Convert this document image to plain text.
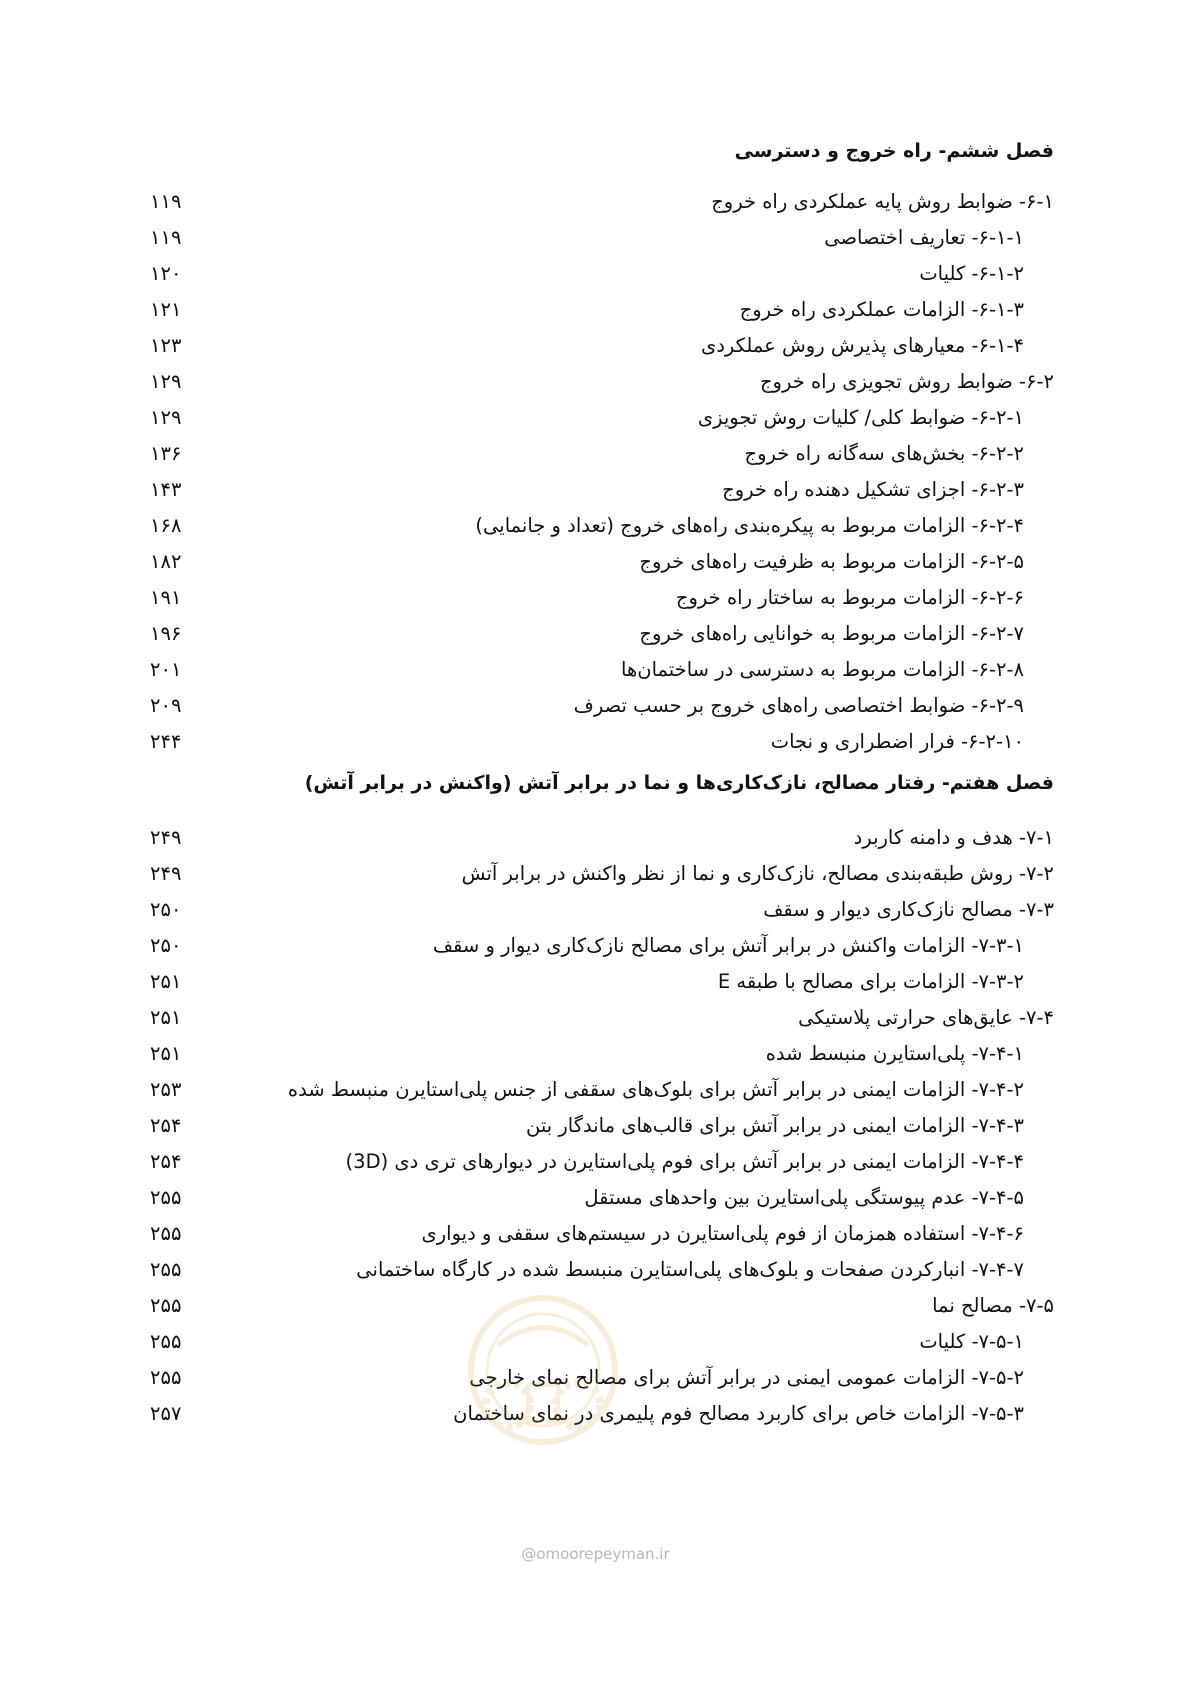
فصل ششم- راه خروج و دسترسی
۶-۱- ضوابط روش پایه عملکردی راه خروج
۱۱۹
۶-۱-۱- تعاریف اختصاصی
۱۱۹
۶-۱-۲- کلیات
۱۲۰
۶-۱-۳- الزامات عملکردی راه خروج
۱۲۱
۶-۱-۴- معیارهای پذیرش روش عملکردی
۱۲۳
۶-۲- ضوابط روش تجویزی راه خروج
۱۲۹
۶-۲-۱- ضوابط کلی/ کلیات روش تجویزی
۱۲۹
۶-۲-۲- بخش‌های سه‌گانه راه خروج
۱۳۶
۶-۲-۳- اجزای تشکیل دهنده راه خروج
۱۴۳
۶-۲-۴- الزامات مربوط به پیکره‌بندی راه‌های خروج (تعداد و جانمایی)
۱۶۸
۶-۲-۵- الزامات مربوط به ظرفیت راه‌های خروج
۱۸۲
۶-۲-۶- الزامات مربوط به ساختار راه خروج
۱۹۱
۶-۲-۷- الزامات مربوط به خوانایی راه‌های خروج
۱۹۶
۶-۲-۸- الزامات مربوط به دسترسی در ساختمان‌ها
۲۰۱
۶-۲-۹- ضوابط اختصاصی راه‌های خروج بر حسب تصرف
۲۰۹
۶-۲-۱۰- فرار اضطراری و نجات
۲۴۴
فصل هفتم- رفتار مصالح، نازک‌کاری‌ها و نما در برابر آتش (واکنش در برابر آتش)
۷-۱- هدف و دامنه کاربرد
۲۴۹
۷-۲- روش طبقه‌بندی مصالح، نازک‌کاری و نما از نظر واکنش در برابر آتش
۲۴۹
۷-۳- مصالح نازک‌کاری دیوار و سقف
۲۵۰
۷-۳-۱- الزامات واکنش در برابر آتش برای مصالح نازک‌کاری دیوار و سقف
۲۵۰
۷-۳-۲- الزامات برای مصالح با طبقه E
۲۵۱
۷-۴- عایق‌های حرارتی پلاستیکی
۲۵۱
۷-۴-۱- پلی‌استایرن منبسط شده
۲۵۱
۷-۴-۲- الزامات ایمنی در برابر آتش برای بلوک‌های سقفی از جنس پلی‌استایرن منبسط شده
۲۵۳
۷-۴-۳- الزامات ایمنی در برابر آتش برای قالب‌های ماندگار بتن
۲۵۴
۷-۴-۴- الزامات ایمنی در برابر آتش برای فوم پلی‌استایرن در دیوارهای تری دی (3D)
۲۵۴
۷-۴-۵- عدم پیوستگی پلی‌استایرن بین واحدهای مستقل
۲۵۵
۷-۴-۶- استفاده همزمان از فوم پلی‌استایرن در سیستم‌های سقفی و دیواری
۲۵۵
۷-۴-۷- انبارکردن صفحات و بلوک‌های پلی‌استایرن منبسط شده در کارگاه ساختمانی
۲۵۵
۷-۵- مصالح نما
۲۵۵
۷-۵-۱- کلیات
۲۵۵
۷-۵-۲- الزامات عمومی ایمنی در برابر آتش برای مصالح نمای خارجی
۲۵۵
۷-۵-۳- الزامات خاص برای کاربرد مصالح فوم پلیمری در نمای ساختمان
۲۵۷
@omoorepeyman.ir
